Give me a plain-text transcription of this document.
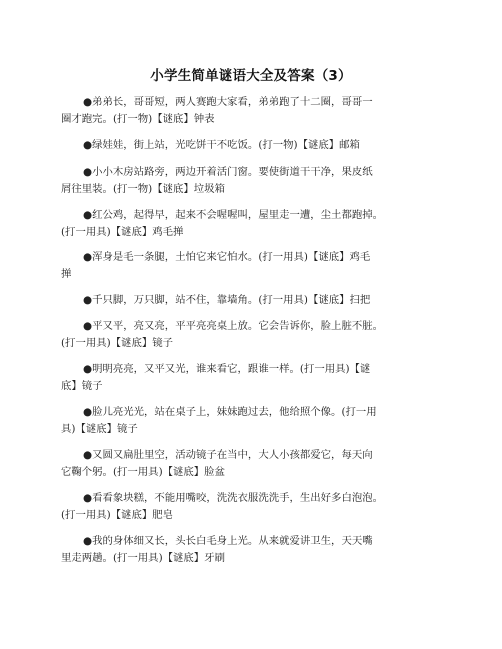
小学生简单谜语大全及答案（3）
●弟弟长，哥哥短，两人赛跑大家看，弟弟跑了十二圈，哥哥一
圈才跑完。(打一物)【谜底】钟表
●绿娃娃，街上站，光吃饼干不吃饭。(打一物)【谜底】邮箱
●小小木房站路旁，两边开着活门窗。要使街道干干净，果皮纸
屑往里装。(打一物)【谜底】垃圾箱
●红公鸡，起得早，起来不会喔喔叫，屋里走一遭，尘土都跑掉。
(打一用具)【谜底】鸡毛掸
●浑身是毛一条腿，土怕它来它怕水。(打一用具)【谜底】鸡毛
掸
●千只脚，万只脚，站不住，靠墙角。(打一用具)【谜底】扫把
●平又平，亮又亮，平平亮亮桌上放。它会告诉你，脸上脏不脏。
(打一用具)【谜底】镜子
●明明亮亮，又平又光，谁来看它，跟谁一样。(打一用具)【谜
底】镜子
●脸儿亮光光，站在桌子上，妹妹跑过去，他给照个像。(打一用
具)【谜底】镜子
●又圆又扁肚里空，活动镜子在当中，大人小孩都爱它，每天向
它鞠个躬。(打一用具)【谜底】脸盆
●看看象块糕，不能用嘴咬，洗洗衣服洗洗手，生出好多白泡泡。
(打一用具)【谜底】肥皂
●我的身体细又长，头长白毛身上光。从来就爱讲卫生，天天嘴
里走两趟。(打一用具)【谜底】牙刷
